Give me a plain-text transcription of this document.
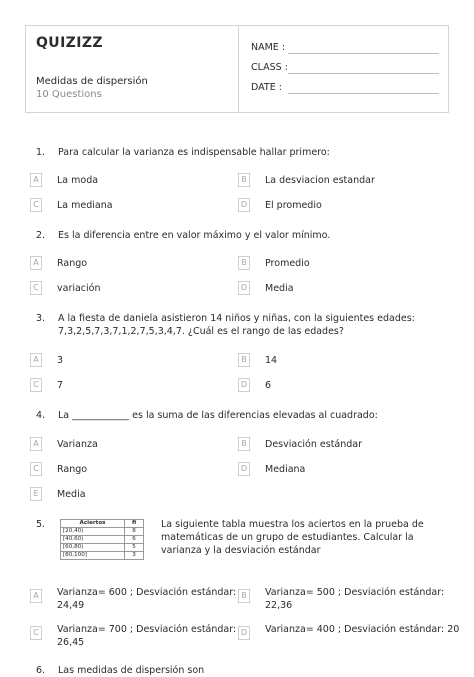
QUIZIZZ
Medidas de dispersión
10 Questions
NAME :
CLASS :
DATE :
1. Para calcular la varianza es indispensable hallar primero:
A	La moda	B	La desviacion estandar
C	La mediana	D	El promedio
2. Es la diferencia entre en valor máximo y el valor mínimo.
A	Rango	B	Promedio
C	variación	D	Media
3. A la fiesta de daniela asistieron 14 niños y niñas, con la siguientes edades: 7,3,2,5,7,3,7,1,2,7,5,3,4,7. ¿Cuál es el rango de las edades?
A	3	B	14
C	7	D	6
4. La ____________ es la suma de las diferencias elevadas al cuadrado:
A	Varianza	B	Desviación estándar
C	Rango	D	Mediana
E	Media
5.	Aciertos	fi
[20,40)	8
[40,60)	6
[60,80)	5
[80,100]	3
La siguiente tabla muestra los aciertos en la prueba de matemáticas de un grupo de estudiantes. Calcular la varianza y la desviación estándar
A	Varianza= 600 ; Desviación estándar: 24,49
B	Varianza= 500 ; Desviación estándar: 22,36
C	Varianza= 700 ; Desviación estándar: 26,45
D	Varianza= 400 ; Desviación estándar: 20
6. Las medidas de dispersión son
